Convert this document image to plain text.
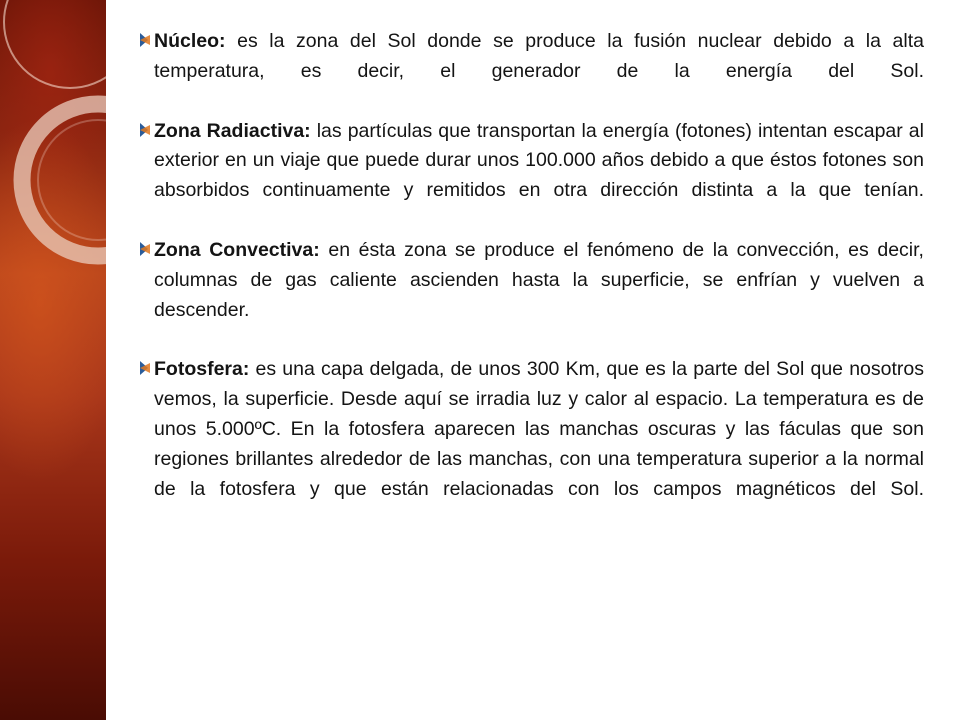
Núcleo: es la zona del Sol donde se produce la fusión nuclear debido a la alta temperatura, es decir, el generador de la energía del Sol.
Zona Radiactiva: las partículas que transportan la energía (fotones) intentan escapar al exterior en un viaje que puede durar unos 100.000 años debido a que éstos fotones son absorbidos continuamente y remitidos en otra dirección distinta a la que tenían.
Zona Convectiva: en ésta zona se produce el fenómeno de la convección, es decir, columnas de gas caliente ascienden hasta la superficie, se enfrían y vuelven a descender.
Fotosfera: es una capa delgada, de unos 300 Km, que es la parte del Sol que nosotros vemos, la superficie. Desde aquí se irradia luz y calor al espacio. La temperatura es de unos 5.000ºC. En la fotosfera aparecen las manchas oscuras y las fáculas que son regiones brillantes alrededor de las manchas, con una temperatura superior a la normal de la fotosfera y que están relacionadas con los campos magnéticos del Sol.
